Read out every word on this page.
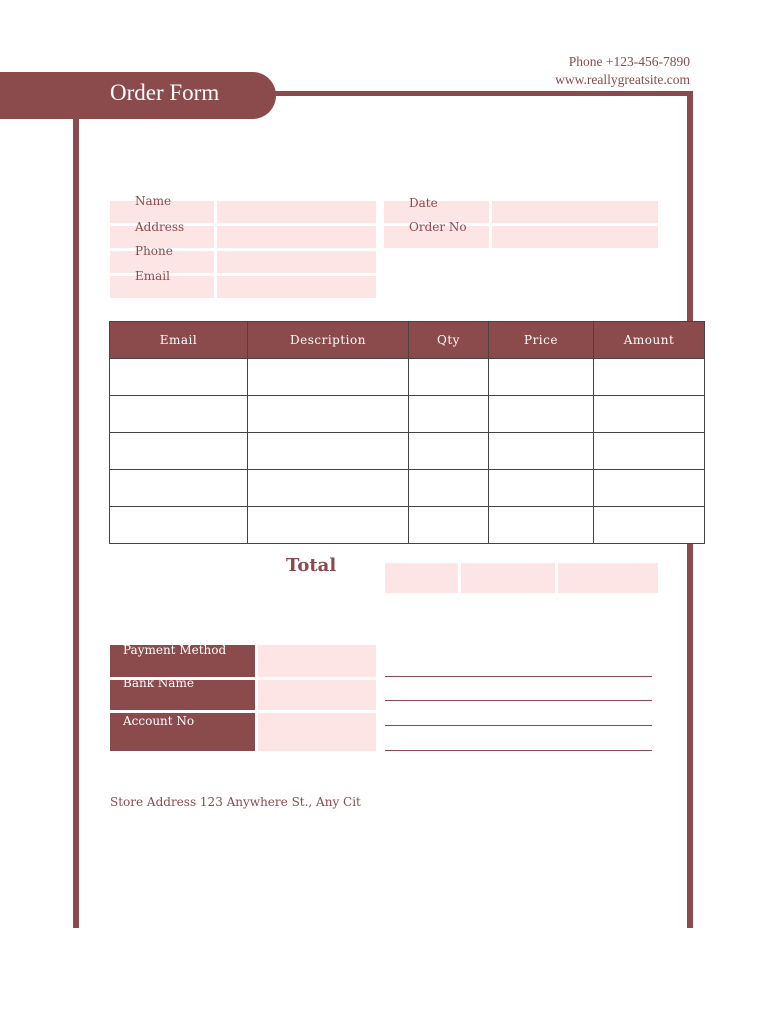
Order Form
Phone +123-456-7890
www.reallygreatsite.com
Name
Address
Phone
Email
Date
Order No
Email	Description	Qty	Price	Amount

Total
Payment Method
Bank Name
Account No
Store Address 123 Anywhere St., Any Cit
